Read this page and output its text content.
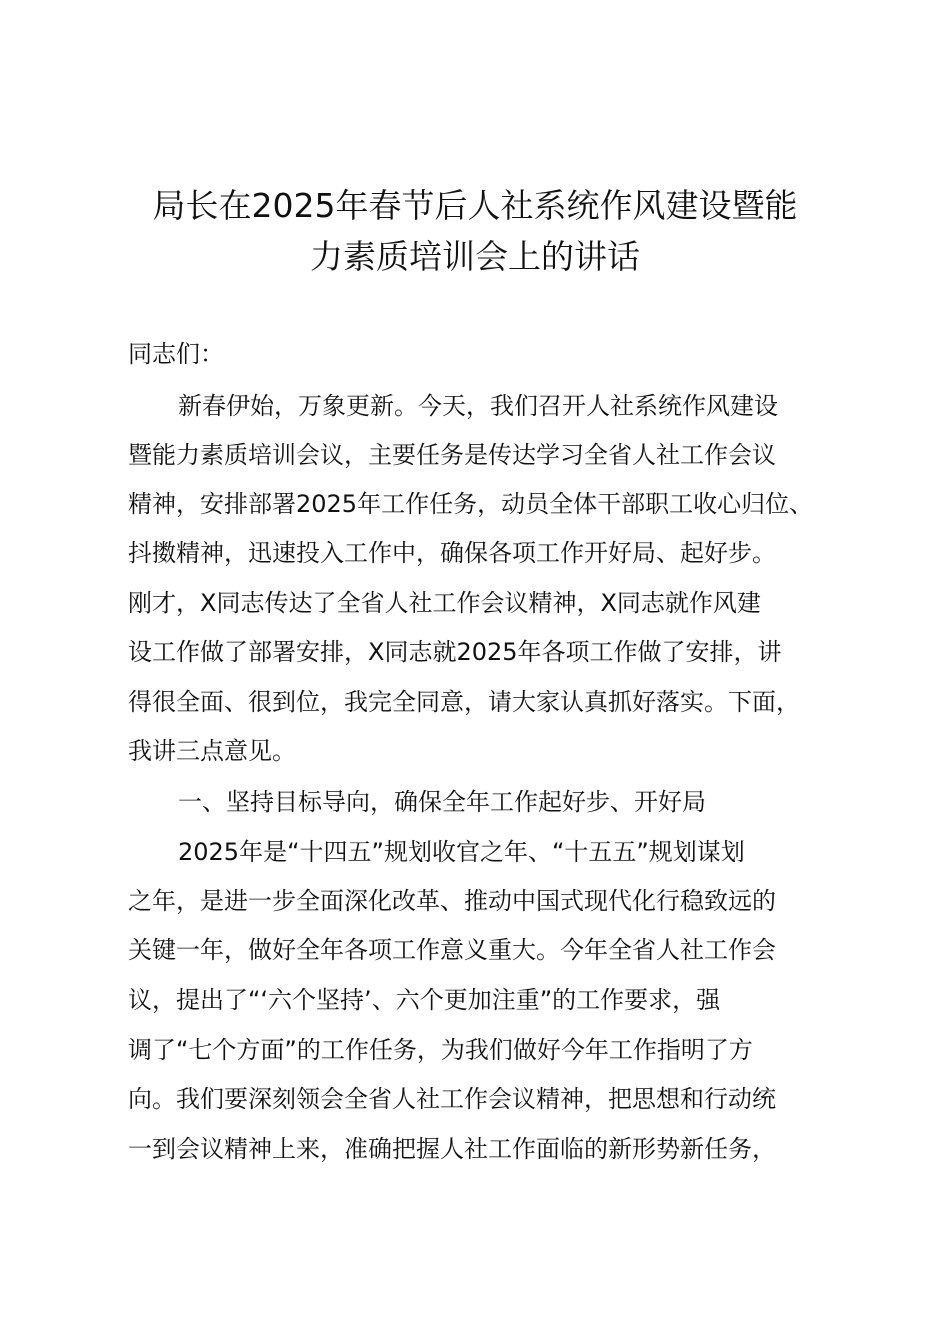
局长在2025年春节后人社系统作风建设暨能
力素质培训会上的讲话

同志们：

新春伊始，万象更新。今天，我们召开人社系统作风建设

暨能力素质培训会议，主要任务是传达学习全省人社工作会议

精神，安排部署2025年工作任务，动员全体干部职工收心归位、

抖擞精神，迅速投入工作中，确保各项工作开好局、起好步。

刚才，X同志传达了全省人社工作会议精神，X同志就作风建

设工作做了部署安排，X同志就2025年各项工作做了安排，讲

得很全面、很到位，我完全同意，请大家认真抓好落实。下面，

我讲三点意见。

一、坚持目标导向，确保全年工作起好步、开好局

2025年是“十四五”规划收官之年、“十五五”规划谋划

之年，是进一步全面深化改革、推动中国式现代化行稳致远的

关键一年，做好全年各项工作意义重大。今年全省人社工作会

议，提出了“‘六个坚持’、六个更加注重”的工作要求，强

调了“七个方面”的工作任务，为我们做好今年工作指明了方

向。我们要深刻领会全省人社工作会议精神，把思想和行动统

一到会议精神上来，准确把握人社工作面临的新形势新任务，
